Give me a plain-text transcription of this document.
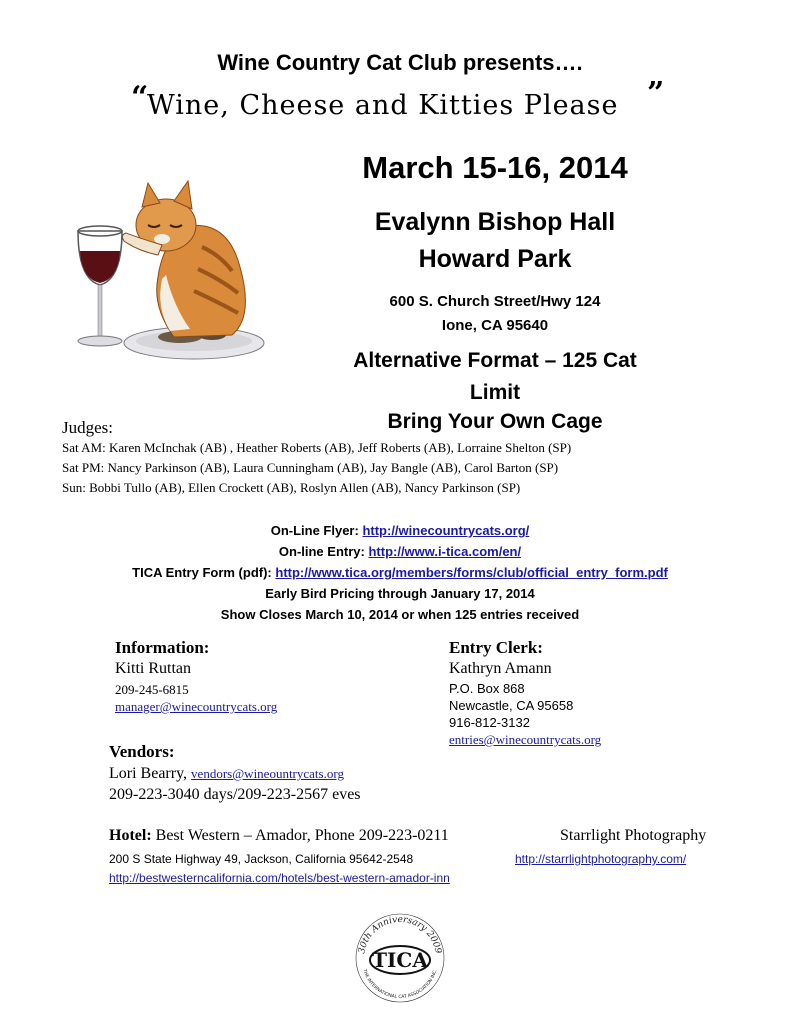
Wine Country Cat Club presents….
“
Wine, Cheese and Kitties Please ”
March 15-16, 2014
Evalynn Bishop Hall
Howard Park
600 S. Church Street/Hwy 124
Ione, CA 95640
Alternative Format – 125 Cat
Limit
Bring Your Own Cage
Judges:
Sat AM: Karen McInchak (AB) , Heather Roberts (AB), Jeff Roberts (AB), Lorraine Shelton (SP)
Sat PM: Nancy Parkinson (AB), Laura Cunningham (AB), Jay Bangle (AB), Carol Barton (SP)
Sun: Bobbi Tullo (AB), Ellen Crockett (AB), Roslyn Allen (AB), Nancy Parkinson (SP)
On-Line Flyer: http://winecountrycats.org/
On-line Entry: http://www.i-tica.com/en/
TICA Entry Form (pdf): http://www.tica.org/members/forms/club/official_entry_form.pdf
Early Bird Pricing through January 17, 2014
Show Closes March 10, 2014 or when 125 entries received
Information:
Kitti Ruttan
209-245-6815
manager@winecountrycats.org
Entry Clerk:
Kathryn Amann
P.O. Box 868
Newcastle, CA 95658
916-812-3132
entries@winecountrycats.org
Vendors:
Lori Bearry, vendors@wineountrycats.org
209-223-3040 days/209-223-2567 eves
Hotel: Best Western – Amador, Phone 209-223-0211
200 S State Highway 49, Jackson, California 95642-2548
http://bestwesterncalifornia.com/hotels/best-western-amador-inn
Starrlight Photography
http://starrlightphotography.com/
30th Anniversary 2009
THE INTERNATIONAL CAT ASSOCIATION INC.
TICA
